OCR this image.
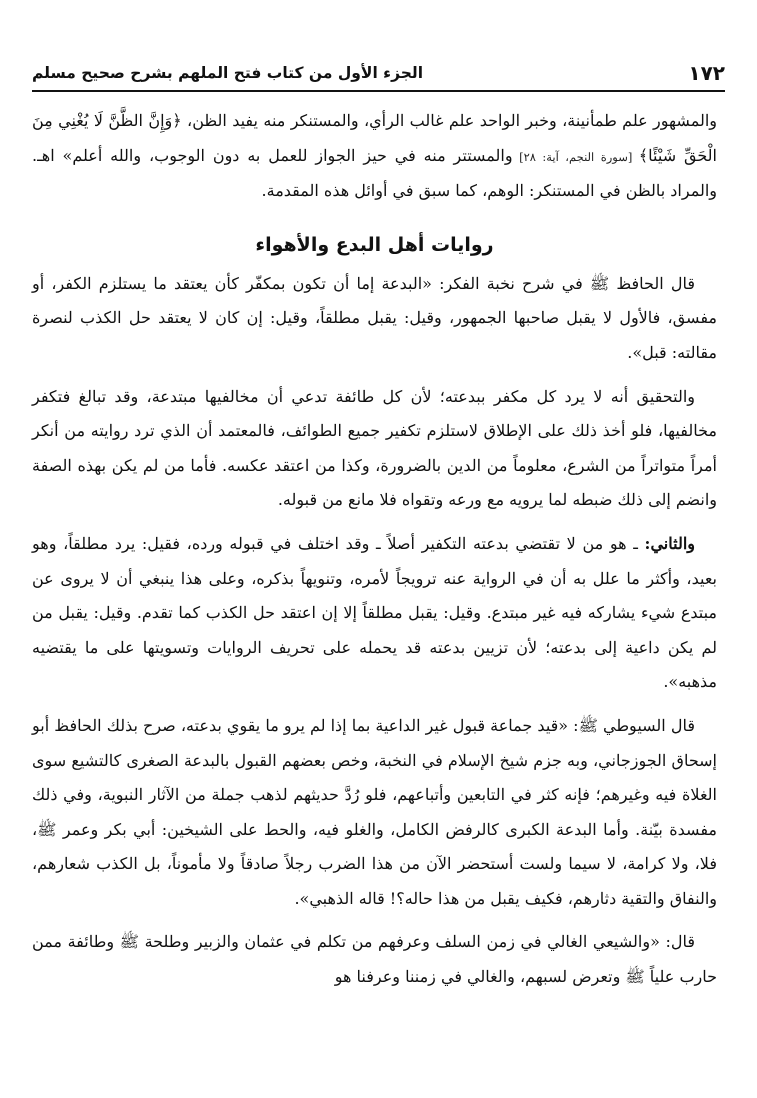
١٧٢
الجزء الأول من كتاب فتح الملهم بشرح صحيح مسلم

والمشهور علم طمأنينة، وخبر الواحد علم غالب الرأي، والمستنكر منه يفيد الظن، ﴿وَإِنَّ الظَّنَّ لَا يُغْنِي مِنَ الْحَقِّ شَيْئًا﴾ [سورة النجم، آية: ٢٨] والمستتر منه في حيز الجواز للعمل به دون الوجوب، والله أعلم» اهـ. والمراد بالظن في المستنكر: الوهم، كما سبق في أوائل هذه المقدمة.

روايات أهل البدع والأهواء

قال الحافظ ﷺ في شرح نخبة الفكر: «البدعة إما أن تكون بمكفّر كأن يعتقد ما يستلزم الكفر، أو مفسق، فالأول لا يقبل صاحبها الجمهور، وقيل: يقبل مطلقاً، وقيل: إن كان لا يعتقد حل الكذب لنصرة مقالته: قبل».

والتحقيق أنه لا يرد كل مكفر ببدعته؛ لأن كل طائفة تدعي أن مخالفيها مبتدعة، وقد تبالغ فتكفر مخالفيها، فلو أخذ ذلك على الإطلاق لاستلزم تكفير جميع الطوائف، فالمعتمد أن الذي ترد روايته من أنكر أمراً متواتراً من الشرع، معلوماً من الدين بالضرورة، وكذا من اعتقد عكسه. فأما من لم يكن بهذه الصفة وانضم إلى ذلك ضبطه لما يرويه مع ورعه وتقواه فلا مانع من قبوله.

والثاني: ـ هو من لا تقتضي بدعته التكفير أصلاً ـ وقد اختلف في قبوله ورده، فقيل: يرد مطلقاً، وهو بعيد، وأكثر ما علل به أن في الرواية عنه ترويجاً لأمره، وتنويهاً بذكره، وعلى هذا ينبغي أن لا يروى عن مبتدع شيء يشاركه فيه غير مبتدع. وقيل: يقبل مطلقاً إلا إن اعتقد حل الكذب كما تقدم. وقيل: يقبل من لم يكن داعية إلى بدعته؛ لأن تزيين بدعته قد يحمله على تحريف الروايات وتسويتها على ما يقتضيه مذهبه».

قال السيوطي ﷺ: «قيد جماعة قبول غير الداعية بما إذا لم يرو ما يقوي بدعته، صرح بذلك الحافظ أبو إسحاق الجوزجاني، وبه جزم شيخ الإسلام في النخبة، وخص بعضهم القبول بالبدعة الصغرى كالتشيع سوى الغلاة فيه وغيرهم؛ فإنه كثر في التابعين وأتباعهم، فلو رُدَّ حديثهم لذهب جملة من الآثار النبوية، وفي ذلك مفسدة بيّنة. وأما البدعة الكبرى كالرفض الكامل، والغلو فيه، والحط على الشيخين: أبي بكر وعمر ﷺ، فلا، ولا كرامة، لا سيما ولست أستحضر الآن من هذا الضرب رجلاً صادقاً ولا مأموناً، بل الكذب شعارهم، والنفاق والتقية دثارهم، فكيف يقبل من هذا حاله؟! قاله الذهبي».

قال: «والشيعي الغالي في زمن السلف وعرفهم من تكلم في عثمان والزبير وطلحة ﷺ وطائفة ممن حارب علياً ﷺ وتعرض لسبهم، والغالي في زمننا وعرفنا هو
